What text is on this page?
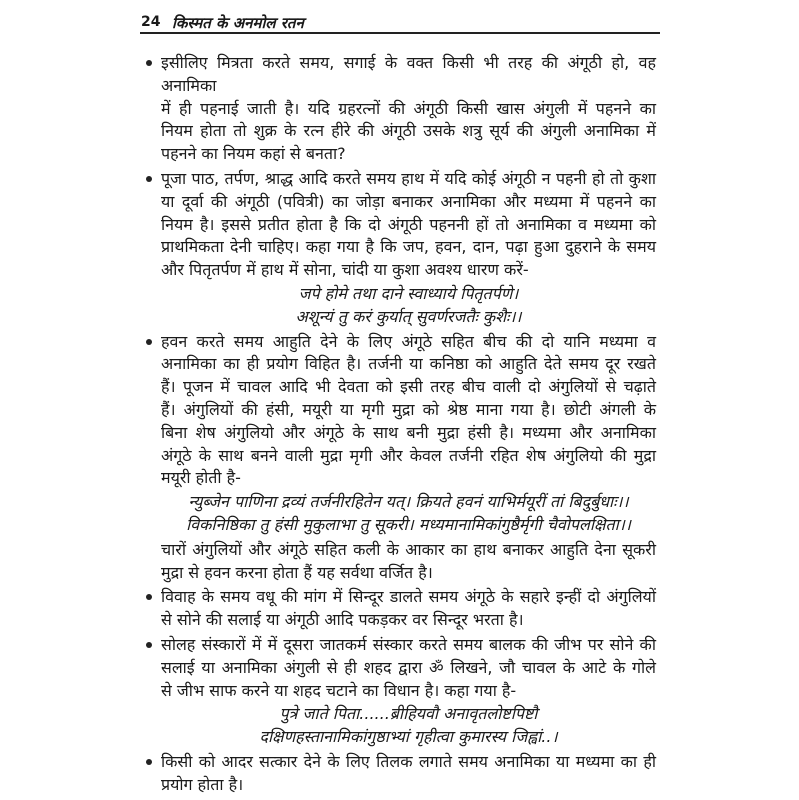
24 किस्मत के अनमोल रतन
इसीलिए मित्रता करते समय, सगाई के वक्त किसी भी तरह की अंगूठी हो, वह अनामिका
में ही पहनाई जाती है। यदि ग्रहरत्नों की अंगूठी किसी खास अंगुली में पहनने का
नियम होता तो शुक्र के रत्न हीरे की अंगूठी उसके शत्रु सूर्य की अंगुली अनामिका में
पहनने का नियम कहां से बनता?
पूजा पाठ, तर्पण, श्राद्ध आदि करते समय हाथ में यदि कोई अंगूठी न पहनी हो तो कुशा
या दूर्वा की अंगूठी (पवित्री) का जोड़ा बनाकर अनामिका और मध्यमा में पहनने का
नियम है। इससे प्रतीत होता है कि दो अंगूठी पहननी हों तो अनामिका व मध्यमा को
प्राथमिकता देनी चाहिए। कहा गया है कि जप, हवन, दान, पढ़ा हुआ दुहराने के समय
और पितृतर्पण में हाथ में सोना, चांदी या कुशा अवश्य धारण करें-
जपे होमे तथा दाने स्वाध्याये पितृतर्पणे।
अशून्यं तु करं कुर्यात् सुवर्णरजतैः कुशैः।।
हवन करते समय आहुति देने के लिए अंगूठे सहित बीच की दो यानि मध्यमा व
अनामिका का ही प्रयोग विहित है। तर्जनी या कनिष्ठा को आहुति देते समय दूर रखते
हैं। पूजन में चावल आदि भी देवता को इसी तरह बीच वाली दो अंगुलियों से चढ़ाते
हैं। अंगुलियों की हंसी, मयूरी या मृगी मुद्रा को श्रेष्ठ माना गया है। छोटी अंगली के
बिना शेष अंगुलियो और अंगूठे के साथ बनी मुद्रा हंसी है। मध्यमा और अनामिका
अंगूठे के साथ बनने वाली मुद्रा मृगी और केवल तर्जनी रहित शेष अंगुलियो की मुद्रा
मयूरी होती है-
न्युब्जेन पाणिना द्रव्यं तर्जनीरहितेन यत्। क्रियते हवनं याभिर्मयूरीं तां बिदुर्बुधाः।।
विकनिष्ठिका तु हंसी मुकुलाभा तु सूकरी। मध्यमानामिकांगुष्ठैर्मृगी चैवोपलक्षिता।।
चारों अंगुलियों और अंगूठे सहित कली के आकार का हाथ बनाकर आहुति देना सूकरी
मुद्रा से हवन करना होता हैं यह सर्वथा वर्जित है।
विवाह के समय वधू की मांग में सिन्दूर डालते समय अंगूठे के सहारे इन्हीं दो अंगुलियों
से सोने की सलाई या अंगूठी आदि पकड़कर वर सिन्दूर भरता है।
सोलह संस्कारों में में दूसरा जातकर्म संस्कार करते समय बालक की जीभ पर सोने की
सलाई या अनामिका अंगुली से ही शहद द्वारा ॐ लिखने, जौ चावल के आटे के गोले
से जीभ साफ करने या शहद चटाने का विधान है। कहा गया है-
पुत्रे जाते पिता......ब्रीहियवौ अनावृतलोष्टपिष्टौ
दक्षिणहस्तानामिकांगुष्ठाभ्यां गृहीत्वा कुमारस्य जिह्वां..।
किसी को आदर सत्कार देने के लिए तिलक लगाते समय अनामिका या मध्यमा का ही
प्रयोग होता है।
